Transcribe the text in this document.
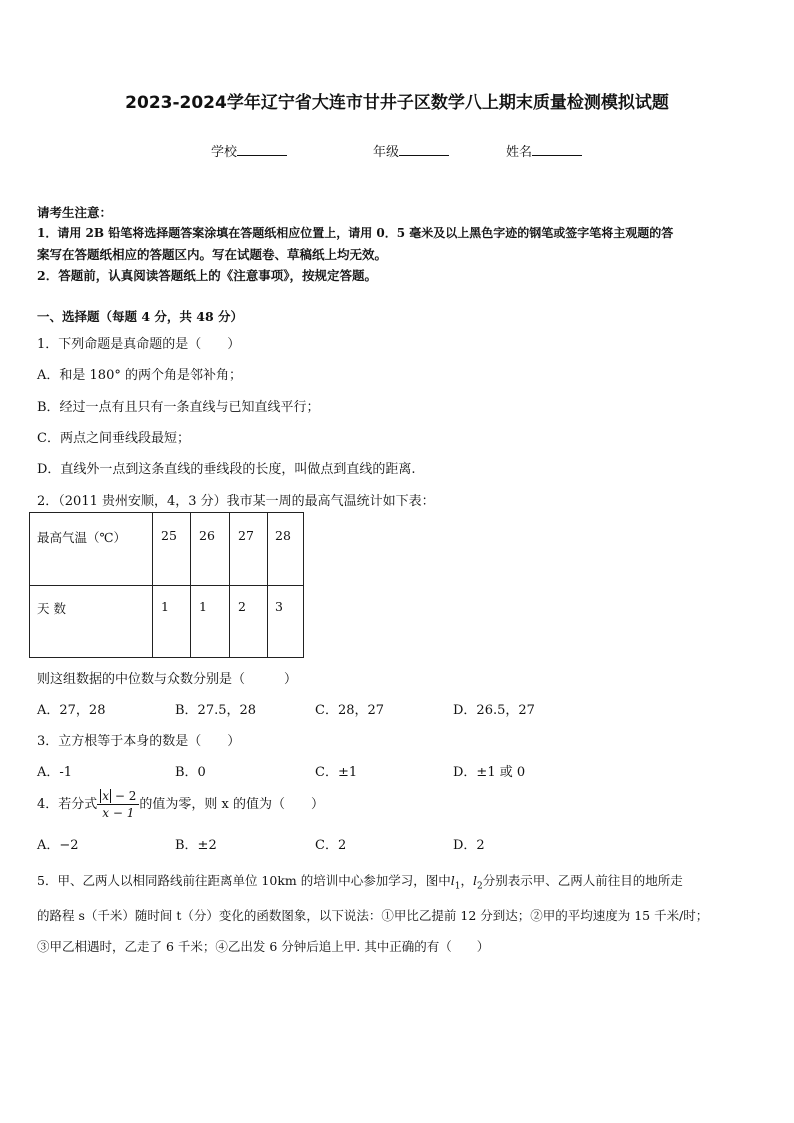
2023-2024学年辽宁省大连市甘井子区数学八上期末质量检测模拟试题
学校	年级	姓名
请考生注意：
1．请用 2B 铅笔将选择题答案涂填在答题纸相应位置上，请用 0．5 毫米及以上黑色字迹的钢笔或签字笔将主观题的答
案写在答题纸相应的答题区内。写在试题卷、草稿纸上均无效。
2．答题前，认真阅读答题纸上的《注意事项》，按规定答题。
一、选择题（每题 4 分，共 48 分）
1．下列命题是真命题的是（　　）
A．和是 180° 的两个角是邻补角；
B．经过一点有且只有一条直线与已知直线平行；
C．两点之间垂线段最短；
D．直线外一点到这条直线的垂线段的长度，叫做点到直线的距离.
2．（2011 贵州安顺，4，3 分）我市某一周的最高气温统计如下表：
最高气温（℃）	25	26	27	28
天 数	1	1	2	3
则这组数据的中位数与众数分别是（　　　）
A．27，28	B．27.5，28	C．28，27	D．26.5，27
3．立方根等于本身的数是（　　）
A．-1	B．0	C．±1	D．±1 或 0
4．若分式 $\frac{x - 2}{x - 1}$ 的值为零，则 x 的值为（　　）
A．−2	B．±2	C．2	D．2
5．甲、乙两人以相同路线前往距离单位 10km 的培训中心参加学习，图中$l_1$，$l_2$分别表示甲、乙两人前往目的地所走
的路程 s（千米）随时间 t（分）变化的函数图象，以下说法：①甲比乙提前 12 分到达；②甲的平均速度为 15 千米/时；
③甲乙相遇时，乙走了 6 千米；④乙出发 6 分钟后追上甲. 其中正确的有（　　）
